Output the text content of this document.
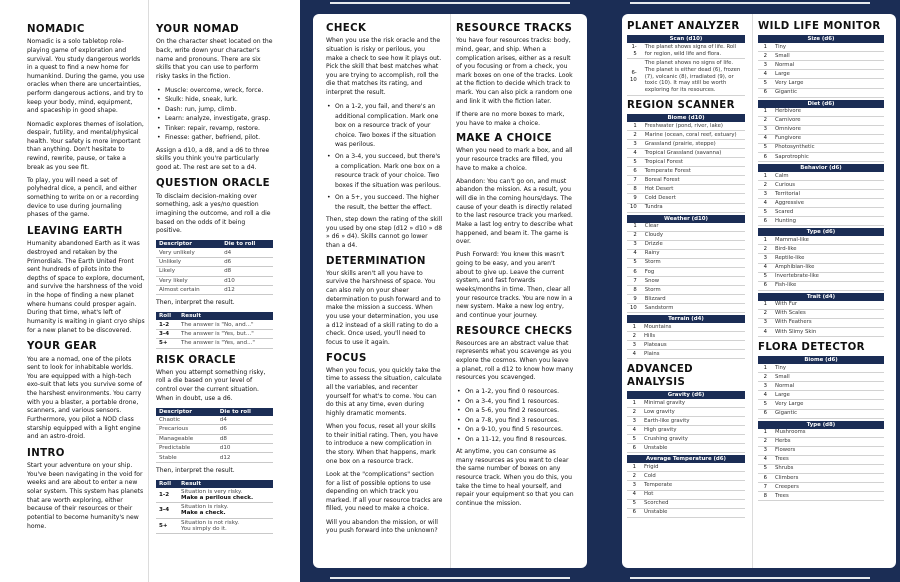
NOMADIC

Nomadic is a solo tabletop role-playing game of exploration and survival. You study dangerous worlds in a quest to find a new home for humankind. During the game, you use oracles when there are uncertainties, perform dangerous actions, and try to keep your body, mind, equipment, and spaceship in good shape.

Nomadic explores themes of isolation, despair, futility, and mental/physical health. Your safety is more important than anything. Don't hesitate to rewind, rewrite, pause, or take a break as you see fit.

To play, you will need a set of polyhedral dice, a pencil, and either something to write on or a recording device to use during journaling phases of the game.

LEAVING EARTH

Humanity abandoned Earth as it was destroyed and retaken by the Primordials. The Earth United Front sent hundreds of pilots into the depths of space to explore, document, and survive the harshness of the void in the hope of finding a new planet where humans could prosper again. During that time, what's left of humanity is waiting in giant cryo ships for a new planet to be discovered.

YOUR GEAR

You are a nomad, one of the pilots sent to look for inhabitable worlds. You are equipped with a high-tech exo-suit that lets you survive some of the harshest environments. You carry with you a blaster, a portable drone, scanners, and various sensors. Furthermore, you pilot a NOD class starship equipped with a light engine and an astro-droid.

INTRO

Start your adventure on your ship. You've been navigating in the void for weeks and are about to enter a new solar system. This system has planets that are worth exploring, either because of their resources or their potential to become humanity's new home.

YOUR NOMAD

On the character sheet located on the back, write down your character's name and pronouns. There are six skills that you can use to perform risky tasks in the fiction.

• Muscle: overcome, wreck, force.
• Skulk: hide, sneak, lurk.
• Dash: run, jump, climb.
• Learn: analyze, investigate, grasp.
• Tinker: repair, revamp, restore.
• Finesse: gather, befriend, pilot.

Assign a d10, a d8, and a d6 to three skills you think you're particularly good at. The rest are set to a d4.

QUESTION ORACLE

To disclaim decision-making over something, ask a yes/no question imagining the outcome, and roll a die based on the odds of it being positive.

Descriptor	Die to roll
Very unlikely	d4
Unlikely	d6
Likely	d8
Very likely	d10
Almost certain	d12

Then, interpret the result.

Roll	Result
1-2	The answer is "No, and..."
3-4	The answer is "Yes, but..."
5+	The answer is "Yes, and..."
RISK ORACLE

When you attempt something risky, roll a die based on your level of control over the current situation. When in doubt, use a d6.

Descriptor	Die to roll
Chaotic	d4
Precarious	d6
Manageable	d8
Predictable	d10
Stable	d12

Then, interpret the result.

Roll	Result
1-2	Situation is very risky.
Make a perilous check.
3-4	Situation is risky.
Make a check.
5+	Situation is not risky.
You simply do it.
CHECK

When you use the risk oracle and the situation is risky or perilous, you make a check to see how it plays out. Pick the skill that best matches what you are trying to accomplish, roll the die that matches its rating, and interpret the result.

• On a 1-2, you fail, and there's an additional complication. Mark one box on a resource track of your choice. Two boxes if the situation was perilous.
• On a 3-4, you succeed, but there's a complication. Mark one box on a resource track of your choice. Two boxes if the situation was perilous.
• On a 5+, you succeed. The higher the result, the better the effect.

Then, step down the rating of the skill you used by one step (d12 » d10 » d8 » d6 » d4). Skills cannot go lower than a d4.

DETERMINATION

Your skills aren't all you have to survive the harshness of space. You can also rely on your sheer determination to push forward and to make the mission a success. When you use your determination, you use a d12 instead of a skill rating to do a check. Once used, you'll need to focus to use it again.

FOCUS

When you focus, you quickly take the time to assess the situation, calculate all the variables, and recenter yourself for what's to come. You can do this at any time, even during highly dramatic moments.

When you focus, reset all your skills to their initial rating. Then, you have to introduce a new complication in the story. When that happens, mark one box on a resource track.

Look at the "complications" section for a list of possible options to use depending on which track you marked. If all your resource tracks are filled, you need to make a choice.

Will you abandon the mission, or will you push forward into the unknown?

RESOURCE TRACKS

You have four resources tracks: body, mind, gear, and ship. When a complication arises, either as a result of you focusing or from a check, you mark boxes on one of the tracks. Look at the fiction to decide which track to mark. You can also pick a random one and link it with the fiction later.

If there are no more boxes to mark, you have to make a choice.

MAKE A CHOICE

When you need to mark a box, and all your resource tracks are filled, you have to make a choice.

Abandon: You can't go on, and must abandon the mission. As a result, you will die in the coming hours/days. The cause of your death is directly related to the last resource track you marked. Make a last log entry to describe what happened, and beam it. The game is over.

Push Forward: You knew this wasn't going to be easy, and you aren't about to give up. Leave the current system, and fast forwards weeks/months in time. Then, clear all your resource tracks. You are now in a new system. Make a new log entry, and continue your journey.

RESOURCE CHECKS

Resources are an abstract value that represents what you scavenge as you explore the cosmos. When you leave a planet, roll a d12 to know how many resources you scavenged.

• On a 1-2, you find 0 resources.
• On a 3-4, you find 1 resources.
• On a 5-6, you find 2 resources.
• On a 7-8, you find 3 resources.
• On a 9-10, you find 5 resources.
• On a 11-12, you find 8 resources.

At anytime, you can consume as many resources as you want to clear the same number of boxes on any resource track. When you do this, you take the time to heal yourself, and repair your equipment so that you can continue the mission.

PLANET ANALYZER
Scan (d10)
1-5	The planet shows signs of life. Roll for region, wild life and flora.
6-10	The planet shows no signs of life. The planet is either dead (6), frozen (7), volcanic (8), irradiated (9), or toxic (10). It may still be worth exploring for its resources.
REGION SCANNER
Biome (d10)
1	Freshwater (pond, river, lake)
2	Marine (ocean, coral reef, estuary)
3	Grassland (prairie, steppe)
4	Tropical Grassland (savanna)
5	Tropical Forest
6	Temperate Forest
7	Boreal Forest
8	Hot Desert
9	Cold Desert
10	Tundra
Weather (d10)
1	Clear
2	Cloudy
3	Drizzle
4	Rainy
5	Storm
6	Fog
7	Snow
8	Storm
9	Blizzard
10	Sandstorm
Terrain (d4)
1	Mountains
2	Hills
3	Plateaus
4	Plains
ADVANCED ANALYSIS
Gravity (d6)
1	Minimal gravity
2	Low gravity
3	Earth-like gravity
4	High gravity
5	Crushing gravity
6	Unstable
Average Temperature (d6)
1	Frigid
2	Cold
3	Temperate
4	Hot
5	Scorched
6	Unstable
WILD LIFE MONITOR
Size (d6)
1	Tiny
2	Small
3	Normal
4	Large
5	Very Large
6	Gigantic
Diet (d6)
1	Herbivore
2	Carnivore
3	Omnivore
4	Fungivore
5	Photosynthetic
6	Saprotrophic
Behavior (d6)
1	Calm
2	Curious
3	Territorial
4	Aggressive
5	Scared
6	Hunting
Type (d6)
1	Mammal-like
2	Bird-like
3	Reptile-like
4	Amphibian-like
5	Invertebrate-like
6	Fish-like
Trait (d4)
1	With Fur
2	With Scales
3	With Feathers
4	With Slimy Skin
FLORA DETECTOR
Biome (d6)
1	Tiny
2	Small
3	Normal
4	Large
5	Very Large
6	Gigantic
Type (d8)
1	Mushrooms
2	Herbs
3	Flowers
4	Trees
5	Shrubs
6	Climbers
7	Creepers
8	Trees
